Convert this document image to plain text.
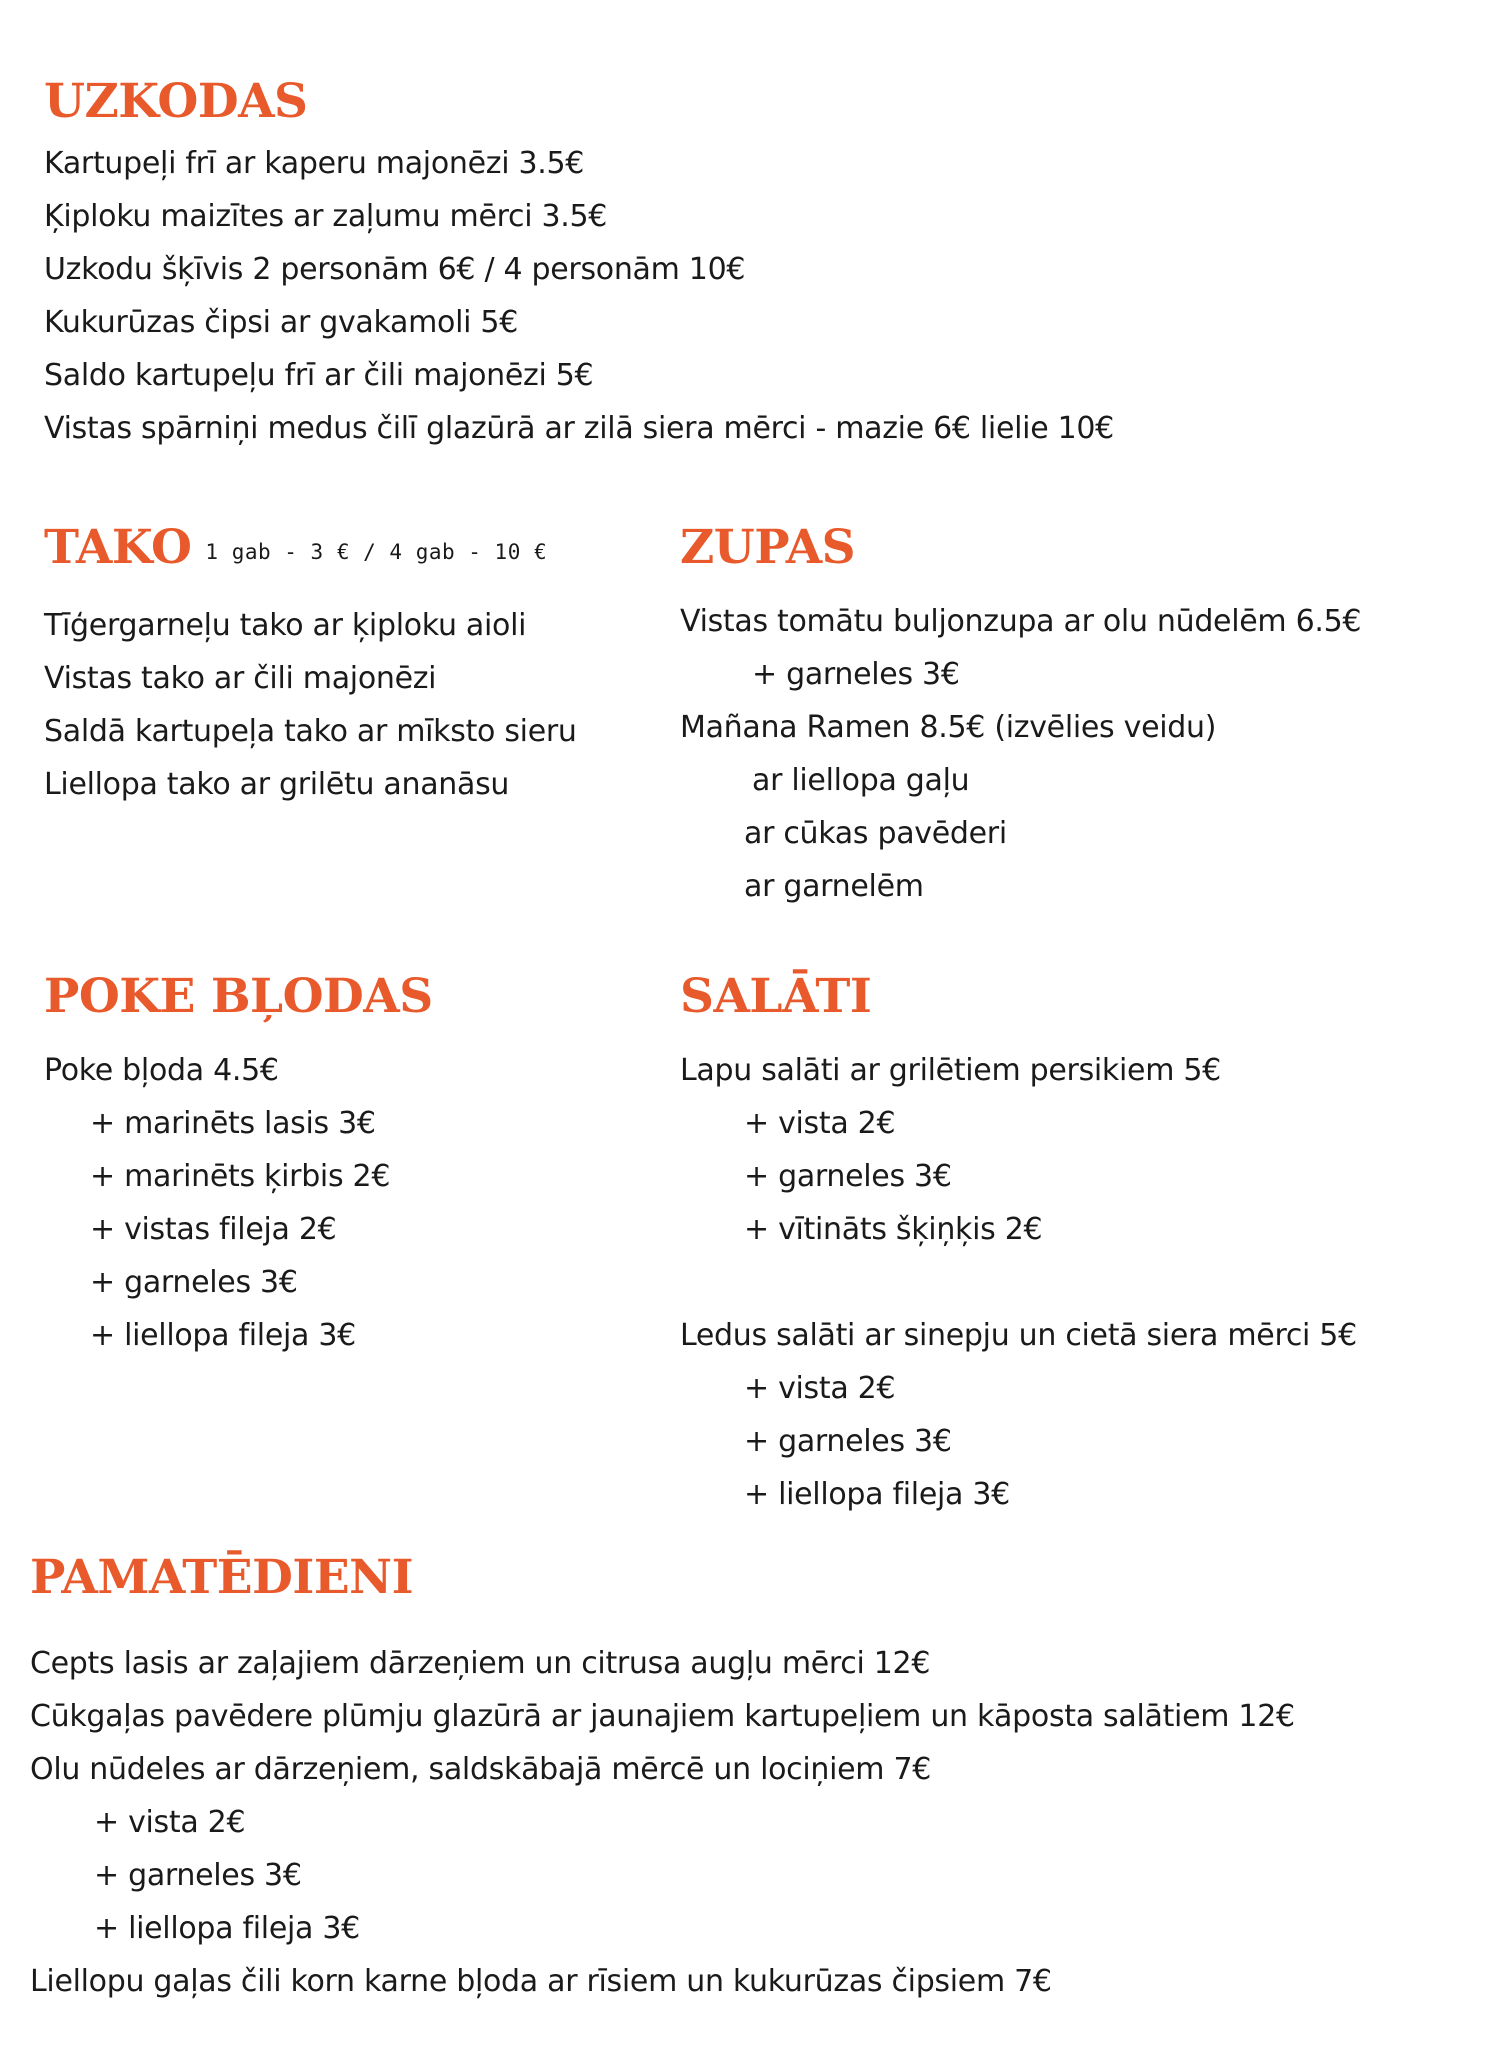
UZKODAS
Kartupeļi frī ar kaperu majonēzi 3.5€
Ķiploku maizītes ar zaļumu mērci 3.5€
Uzkodu šķīvis 2 personām 6€ / 4 personām 10€
Kukurūzas čipsi ar gvakamoli 5€
Saldo kartupeļu frī ar čili majonēzi 5€
Vistas spārniņi medus čilī glazūrā ar zilā siera mērci - mazie 6€ lielie 10€
TAKO 1 gab - 3 € / 4 gab - 10 €
Tīģergarneļu tako ar ķiploku aioli
Vistas tako ar čili majonēzi
Saldā kartupeļa tako ar mīksto sieru
Liellopa tako ar grilētu ananāsu
ZUPAS
Vistas tomātu buljonzupa ar olu nūdelēm 6.5€
+ garneles 3€
Mañana Ramen 8.5€ (izvēlies veidu)
ar liellopa gaļu
ar cūkas pavēderi
ar garnelēm
POKE BĻODAS
Poke bļoda 4.5€
+ marinēts lasis 3€
+ marinēts ķirbis 2€
+ vistas fileja 2€
+ garneles 3€
+ liellopa fileja 3€
SALĀTI
Lapu salāti ar grilētiem persikiem 5€
+ vista 2€
+ garneles 3€
+ vītināts šķiņķis 2€
Ledus salāti ar sinepju un cietā siera mērci 5€
+ vista 2€
+ garneles 3€
+ liellopa fileja 3€
PAMATĒDIENI
Cepts lasis ar zaļajiem dārzeņiem un citrusa augļu mērci 12€
Cūkgaļas pavēdere plūmju glazūrā ar jaunajiem kartupeļiem un kāposta salātiem 12€
Olu nūdeles ar dārzeņiem, saldskābajā mērcē un lociņiem 7€
+ vista 2€
+ garneles 3€
+ liellopa fileja 3€
Liellopu gaļas čili korn karne bļoda ar rīsiem un kukurūzas čipsiem 7€
